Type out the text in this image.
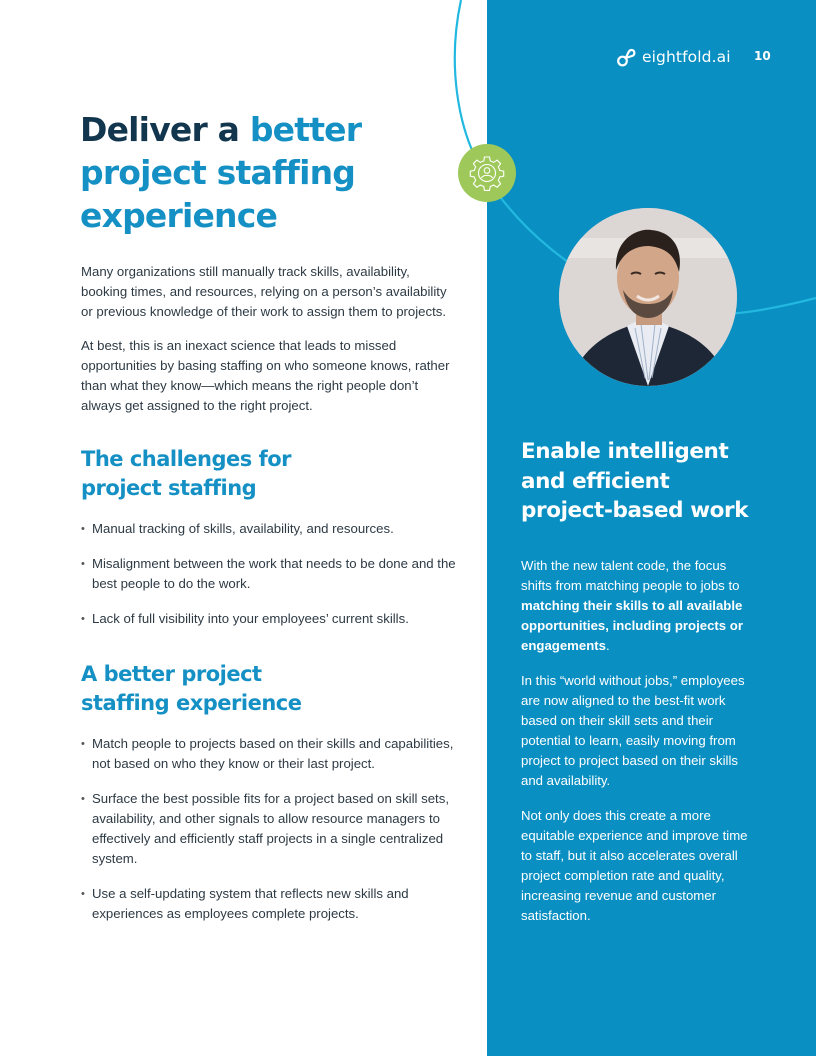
eightfold.ai 10
Deliver a better
project staffing
experience

Many organizations still manually track skills, availability, booking times, and resources, relying on a person’s availability or previous knowledge of their work to assign them to projects.

At best, this is an inexact science that leads to missed opportunities by basing staffing on who someone knows, rather than what they know—which means the right people don’t always get assigned to the right project.

The challenges for
project staffing
• Manual tracking of skills, availability, and resources.
• Misalignment between the work that needs to be done and the best people to do the work.
• Lack of full visibility into your employees’ current skills.
A better project
staffing experience
• Match people to projects based on their skills and capabilities, not based on who they know or their last project.
• Surface the best possible fits for a project based on skill sets, availability, and other signals to allow resource managers to effectively and efficiently staff projects in a single centralized system.
• Use a self-updating system that reflects new skills and experiences as employees complete projects.
Enable intelligent
and efficient
project-based work

With the new talent code, the focus shifts from matching people to jobs to matching their skills to all available opportunities, including projects or engagements.

In this “world without jobs,” employees are now aligned to the best-fit work based on their skill sets and their potential to learn, easily moving from project to project based on their skills and availability.

Not only does this create a more equitable experience and improve time to staff, but it also accelerates overall project completion rate and quality, increasing revenue and customer satisfaction.
